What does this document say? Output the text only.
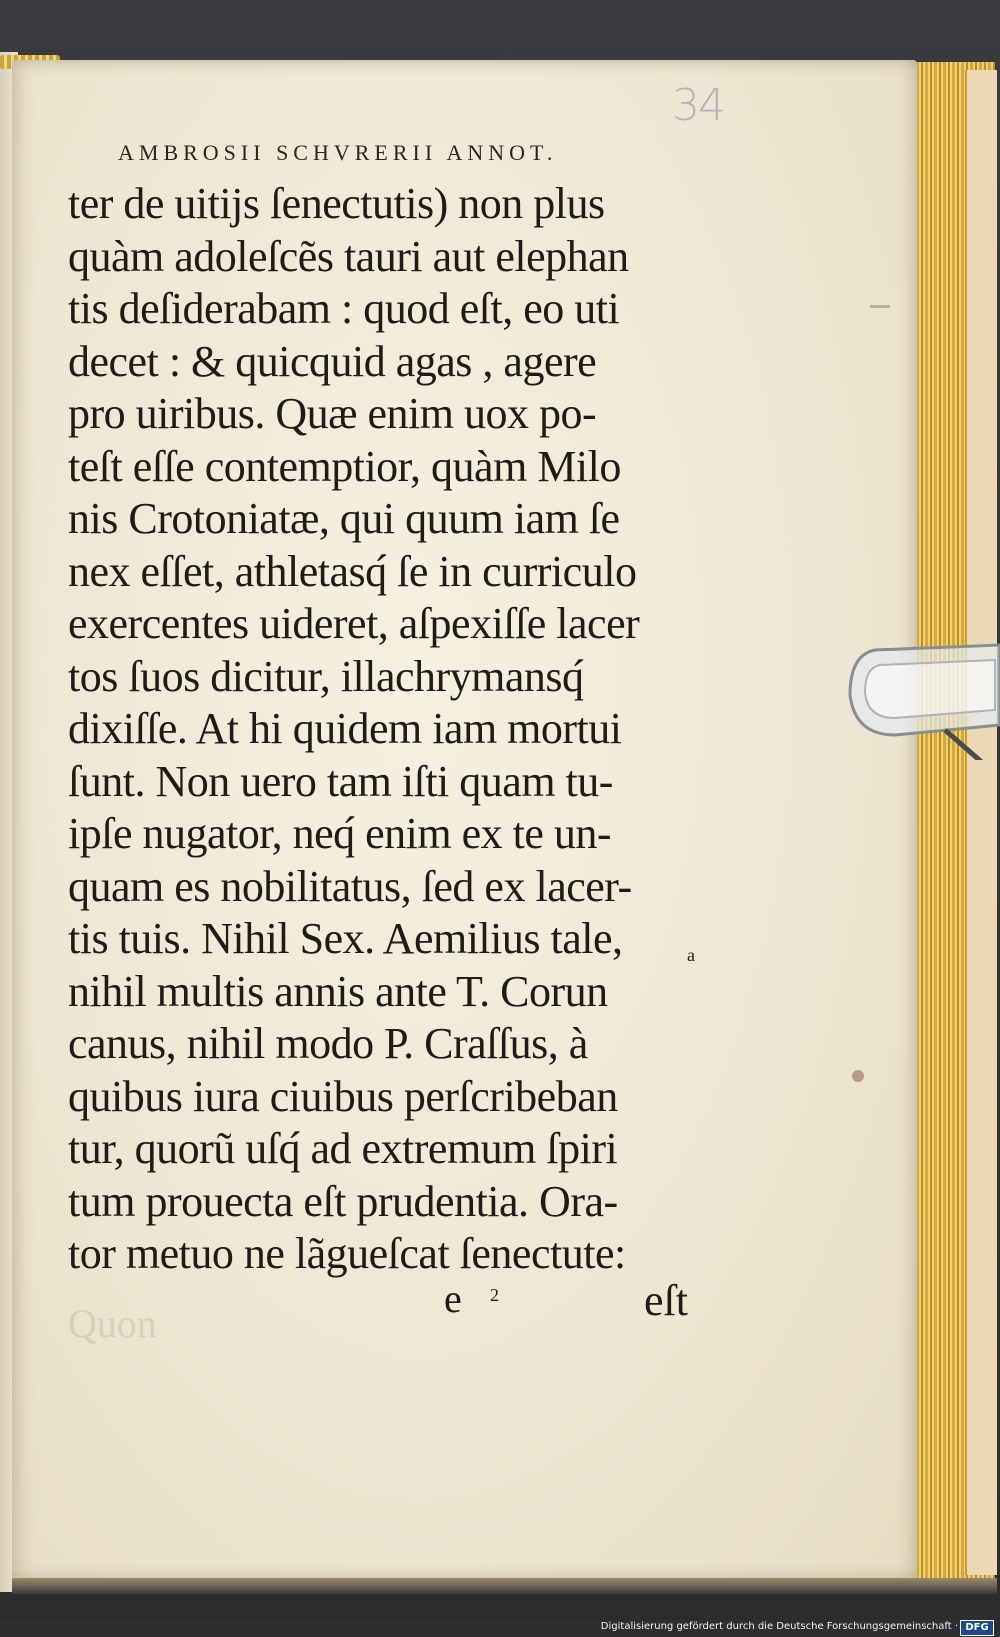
34
AMBROSII SCHVRERII ANNOT.
ter de uitijs ſenectutis) non plus
quàm adoleſcẽs tauri aut elephan
tis deſiderabam : quod eſt, eo uti
decet : & quicquid agas , agere
pro uiribus. Quæ enim uox po-
teſt eſſe contemptior, quàm Milo
nis Crotoniatæ, qui quum iam ſe
nex eſſet, athletasq́ ſe in curriculo
exercentes uideret, aſpexiſſe lacer
tos ſuos dicitur, illachrymansq́
dixiſſe. At hi quidem iam mortui
ſunt. Non uero tam iſti quam tu-
ipſe nugator, neq́ enim ex te un-
quam es nobilitatus, ſed ex lacer-
tis tuis. Nihil Sex. Aemilius tale,
nihil multis annis ante T. Corun
canus, nihil modo P. Craſſus, à
quibus iura ciuibus perſcribeban
tur, quorũ uſq́ ad extremum ſpiri
tum prouecta eſt prudentia. Ora-
tor metuo ne lãgueſcat ſenectute:
a
e 2	eſt
Quon
Digitalisierung gefördert durch die Deutsche Forschungsgemeinschaft · DFG
